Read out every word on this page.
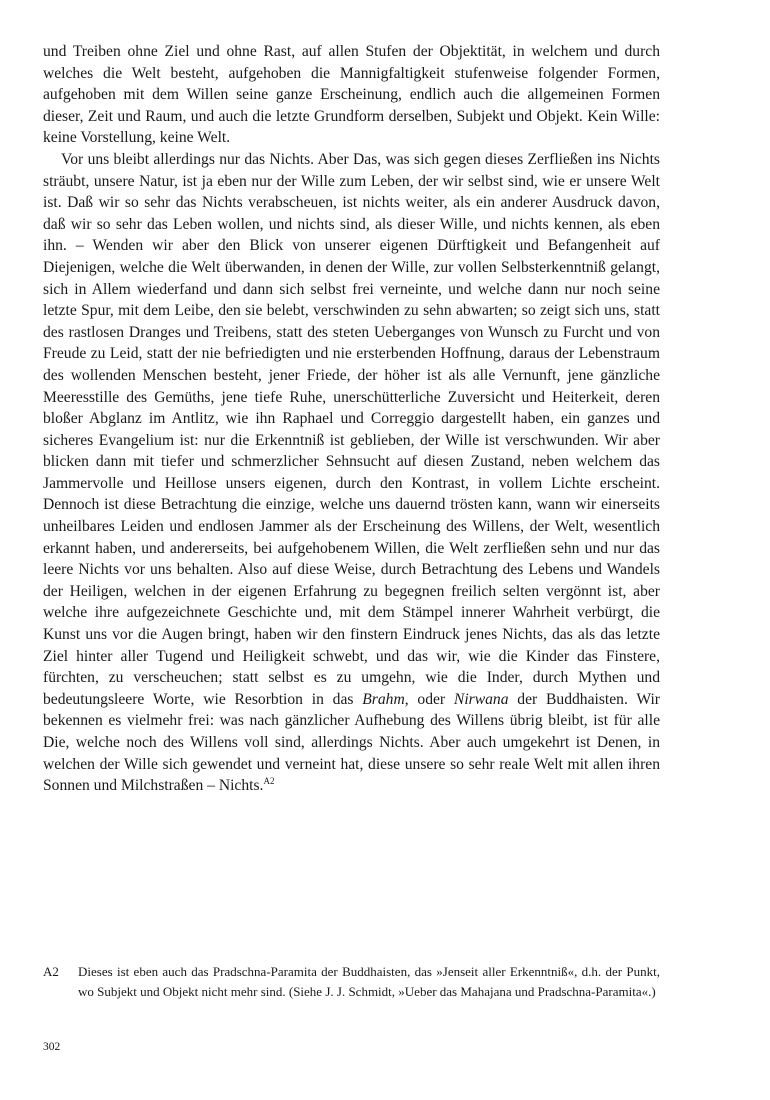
und Treiben ohne Ziel und ohne Rast, auf allen Stufen der Objektität, in welchem und durch welches die Welt besteht, aufgehoben die Mannigfaltigkeit stufenweise folgender Formen, aufgehoben mit dem Willen seine ganze Erscheinung, endlich auch die allgemeinen Formen dieser, Zeit und Raum, und auch die letzte Grundform derselben, Subjekt und Objekt. Kein Wille: keine Vorstellung, keine Welt.

Vor uns bleibt allerdings nur das Nichts. Aber Das, was sich gegen dieses Zerfließen ins Nichts sträubt, unsere Natur, ist ja eben nur der Wille zum Leben, der wir selbst sind, wie er unsere Welt ist. Daß wir so sehr das Nichts verabscheuen, ist nichts weiter, als ein anderer Ausdruck davon, daß wir so sehr das Leben wollen, und nichts sind, als dieser Wille, und nichts kennen, als eben ihn. – Wenden wir aber den Blick von unserer eigenen Dürftigkeit und Befangenheit auf Diejenigen, welche die Welt überwanden, in denen der Wille, zur vollen Selbsterkenntniß gelangt, sich in Allem wiederfand und dann sich selbst frei verneinte, und welche dann nur noch seine letzte Spur, mit dem Leibe, den sie belebt, verschwinden zu sehn abwarten; so zeigt sich uns, statt des rastlosen Dranges und Treibens, statt des steten Ueberganges von Wunsch zu Furcht und von Freude zu Leid, statt der nie befriedigten und nie ersterbenden Hoffnung, daraus der Lebenstraum des wollenden Menschen besteht, jener Friede, der höher ist als alle Vernunft, jene gänzliche Meeresstille des Gemüths, jene tiefe Ruhe, unerschütterliche Zuversicht und Heiterkeit, deren bloßer Abglanz im Antlitz, wie ihn Raphael und Correggio dargestellt haben, ein ganzes und sicheres Evangelium ist: nur die Erkenntniß ist geblieben, der Wille ist verschwunden. Wir aber blicken dann mit tiefer und schmerzlicher Sehnsucht auf diesen Zustand, neben welchem das Jammervolle und Heillose unsers eigenen, durch den Kontrast, in vollem Lichte erscheint. Dennoch ist diese Betrachtung die einzige, welche uns dauernd trösten kann, wann wir einerseits unheilbares Leiden und endlosen Jammer als der Erscheinung des Willens, der Welt, wesentlich erkannt haben, und andererseits, bei aufgehobenem Willen, die Welt zerfließen sehn und nur das leere Nichts vor uns behalten. Also auf diese Weise, durch Betrachtung des Lebens und Wandels der Heiligen, welchen in der eigenen Erfahrung zu begegnen freilich selten vergönnt ist, aber welche ihre aufgezeichnete Geschichte und, mit dem Stämpel innerer Wahrheit verbürgt, die Kunst uns vor die Augen bringt, haben wir den finstern Eindruck jenes Nichts, das als das letzte Ziel hinter aller Tugend und Heiligkeit schwebt, und das wir, wie die Kinder das Finstere, fürchten, zu verscheuchen; statt selbst es zu umgehn, wie die Inder, durch Mythen und bedeutungsleere Worte, wie Resorbtion in das Brahm, oder Nirwana der Buddhaisten. Wir bekennen es vielmehr frei: was nach gänzlicher Aufhebung des Willens übrig bleibt, ist für alle Die, welche noch des Willens voll sind, allerdings Nichts. Aber auch umgekehrt ist Denen, in welchen der Wille sich gewendet und verneint hat, diese unsere so sehr reale Welt mit allen ihren Sonnen und Milchstraßen – Nichts.$^{A2}$

A2 Dieses ist eben auch das Pradschna-Paramita der Buddhaisten, das »Jenseit aller Erkenntniß«, d.h. der Punkt, wo Subjekt und Objekt nicht mehr sind. (Siehe J. J. Schmidt, »Ueber das Mahajana und Pradschna-Paramita«.)
302
